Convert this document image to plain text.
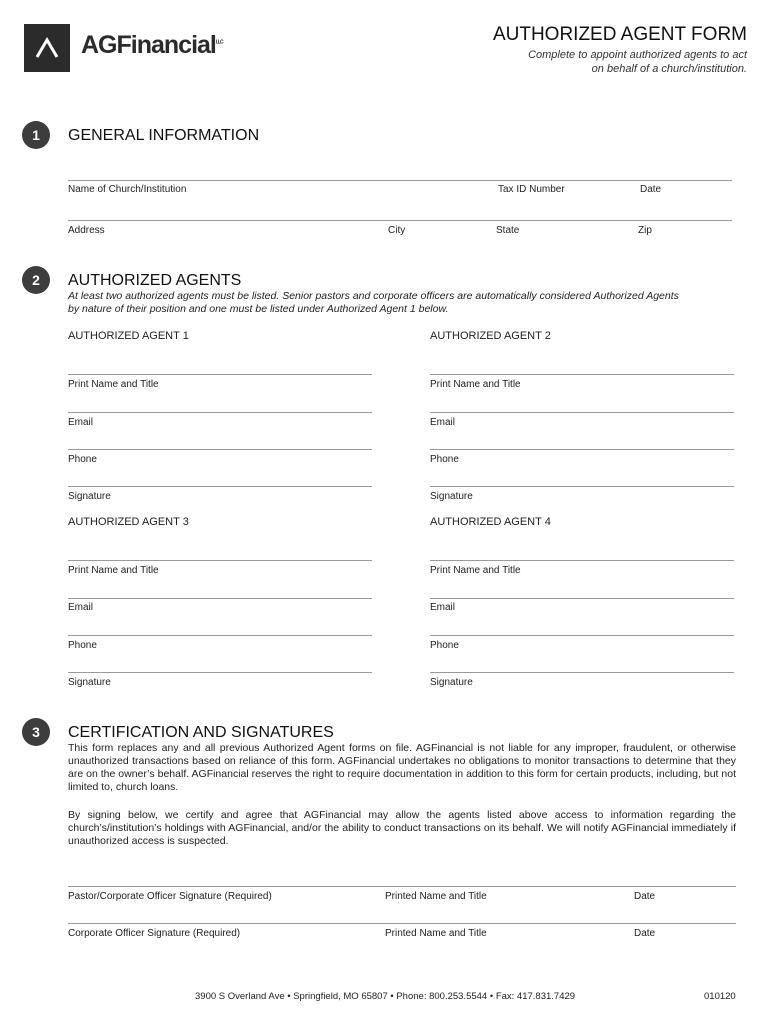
AGFinancial$^{LLC}$	AUTHORIZED AGENT FORM
Complete to appoint authorized agents to act
on behalf of a church/institution.
1	GENERAL INFORMATION
Name of Church/Institution	Tax ID Number	Date
Address	City	State	Zip
2	AUTHORIZED AGENTS
At least two authorized agents must be listed. Senior pastors and corporate officers are automatically considered Authorized Agents
by nature of their position and one must be listed under Authorized Agent 1 below.
AUTHORIZED AGENT 1
Print Name and Title
Email
Phone
Signature
AUTHORIZED AGENT 2
Print Name and Title
Email
Phone
Signature
AUTHORIZED AGENT 3
Print Name and Title
Email
Phone
Signature
AUTHORIZED AGENT 4
Print Name and Title
Email
Phone
Signature
3	CERTIFICATION AND SIGNATURES
This form replaces any and all previous Authorized Agent forms on file. AGFinancial is not liable for any improper, fraudulent, or otherwise unauthorized transactions based on reliance of this form. AGFinancial undertakes no obligations to monitor transactions to determine that they are on the owner’s behalf. AGFinancial reserves the right to require documentation in addition to this form for certain products, including, but not limited to, church loans.
By signing below, we certify and agree that AGFinancial may allow the agents listed above access to information regarding the church’s/institution’s holdings with AGFinancial, and/or the ability to conduct transactions on its behalf. We will notify AGFinancial immediately if unauthorized access is suspected.
Pastor/Corporate Officer Signature (Required)	Printed Name and Title	Date
Corporate Officer Signature (Required)	Printed Name and Title	Date
3900 S Overland Ave • Springfield, MO 65807 • Phone: 800.253.5544 • Fax: 417.831.7429	010120
